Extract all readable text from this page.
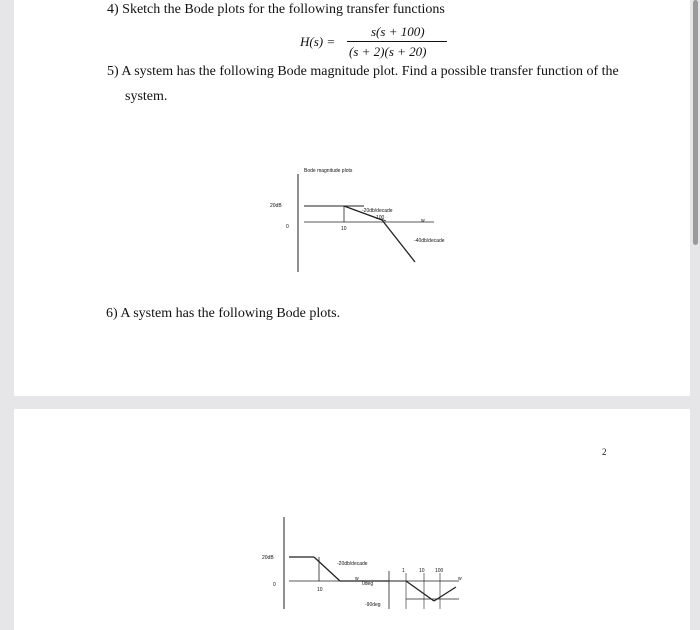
4) Sketch the Bode plots for the following transfer functions
H(s) =
s(s + 100)
(s + 2)(s + 20)
5) A system has the following Bode magnitude plot. Find a possible transfer function of the
system.
Bode magnitude plots
20dB
0	10
-20db/decade
100	w
-40db/decade
6) A system has the following Bode plots.
2
20dB
0
10
-20db/decade
w
0deg
-90deg
1	10 100
w
